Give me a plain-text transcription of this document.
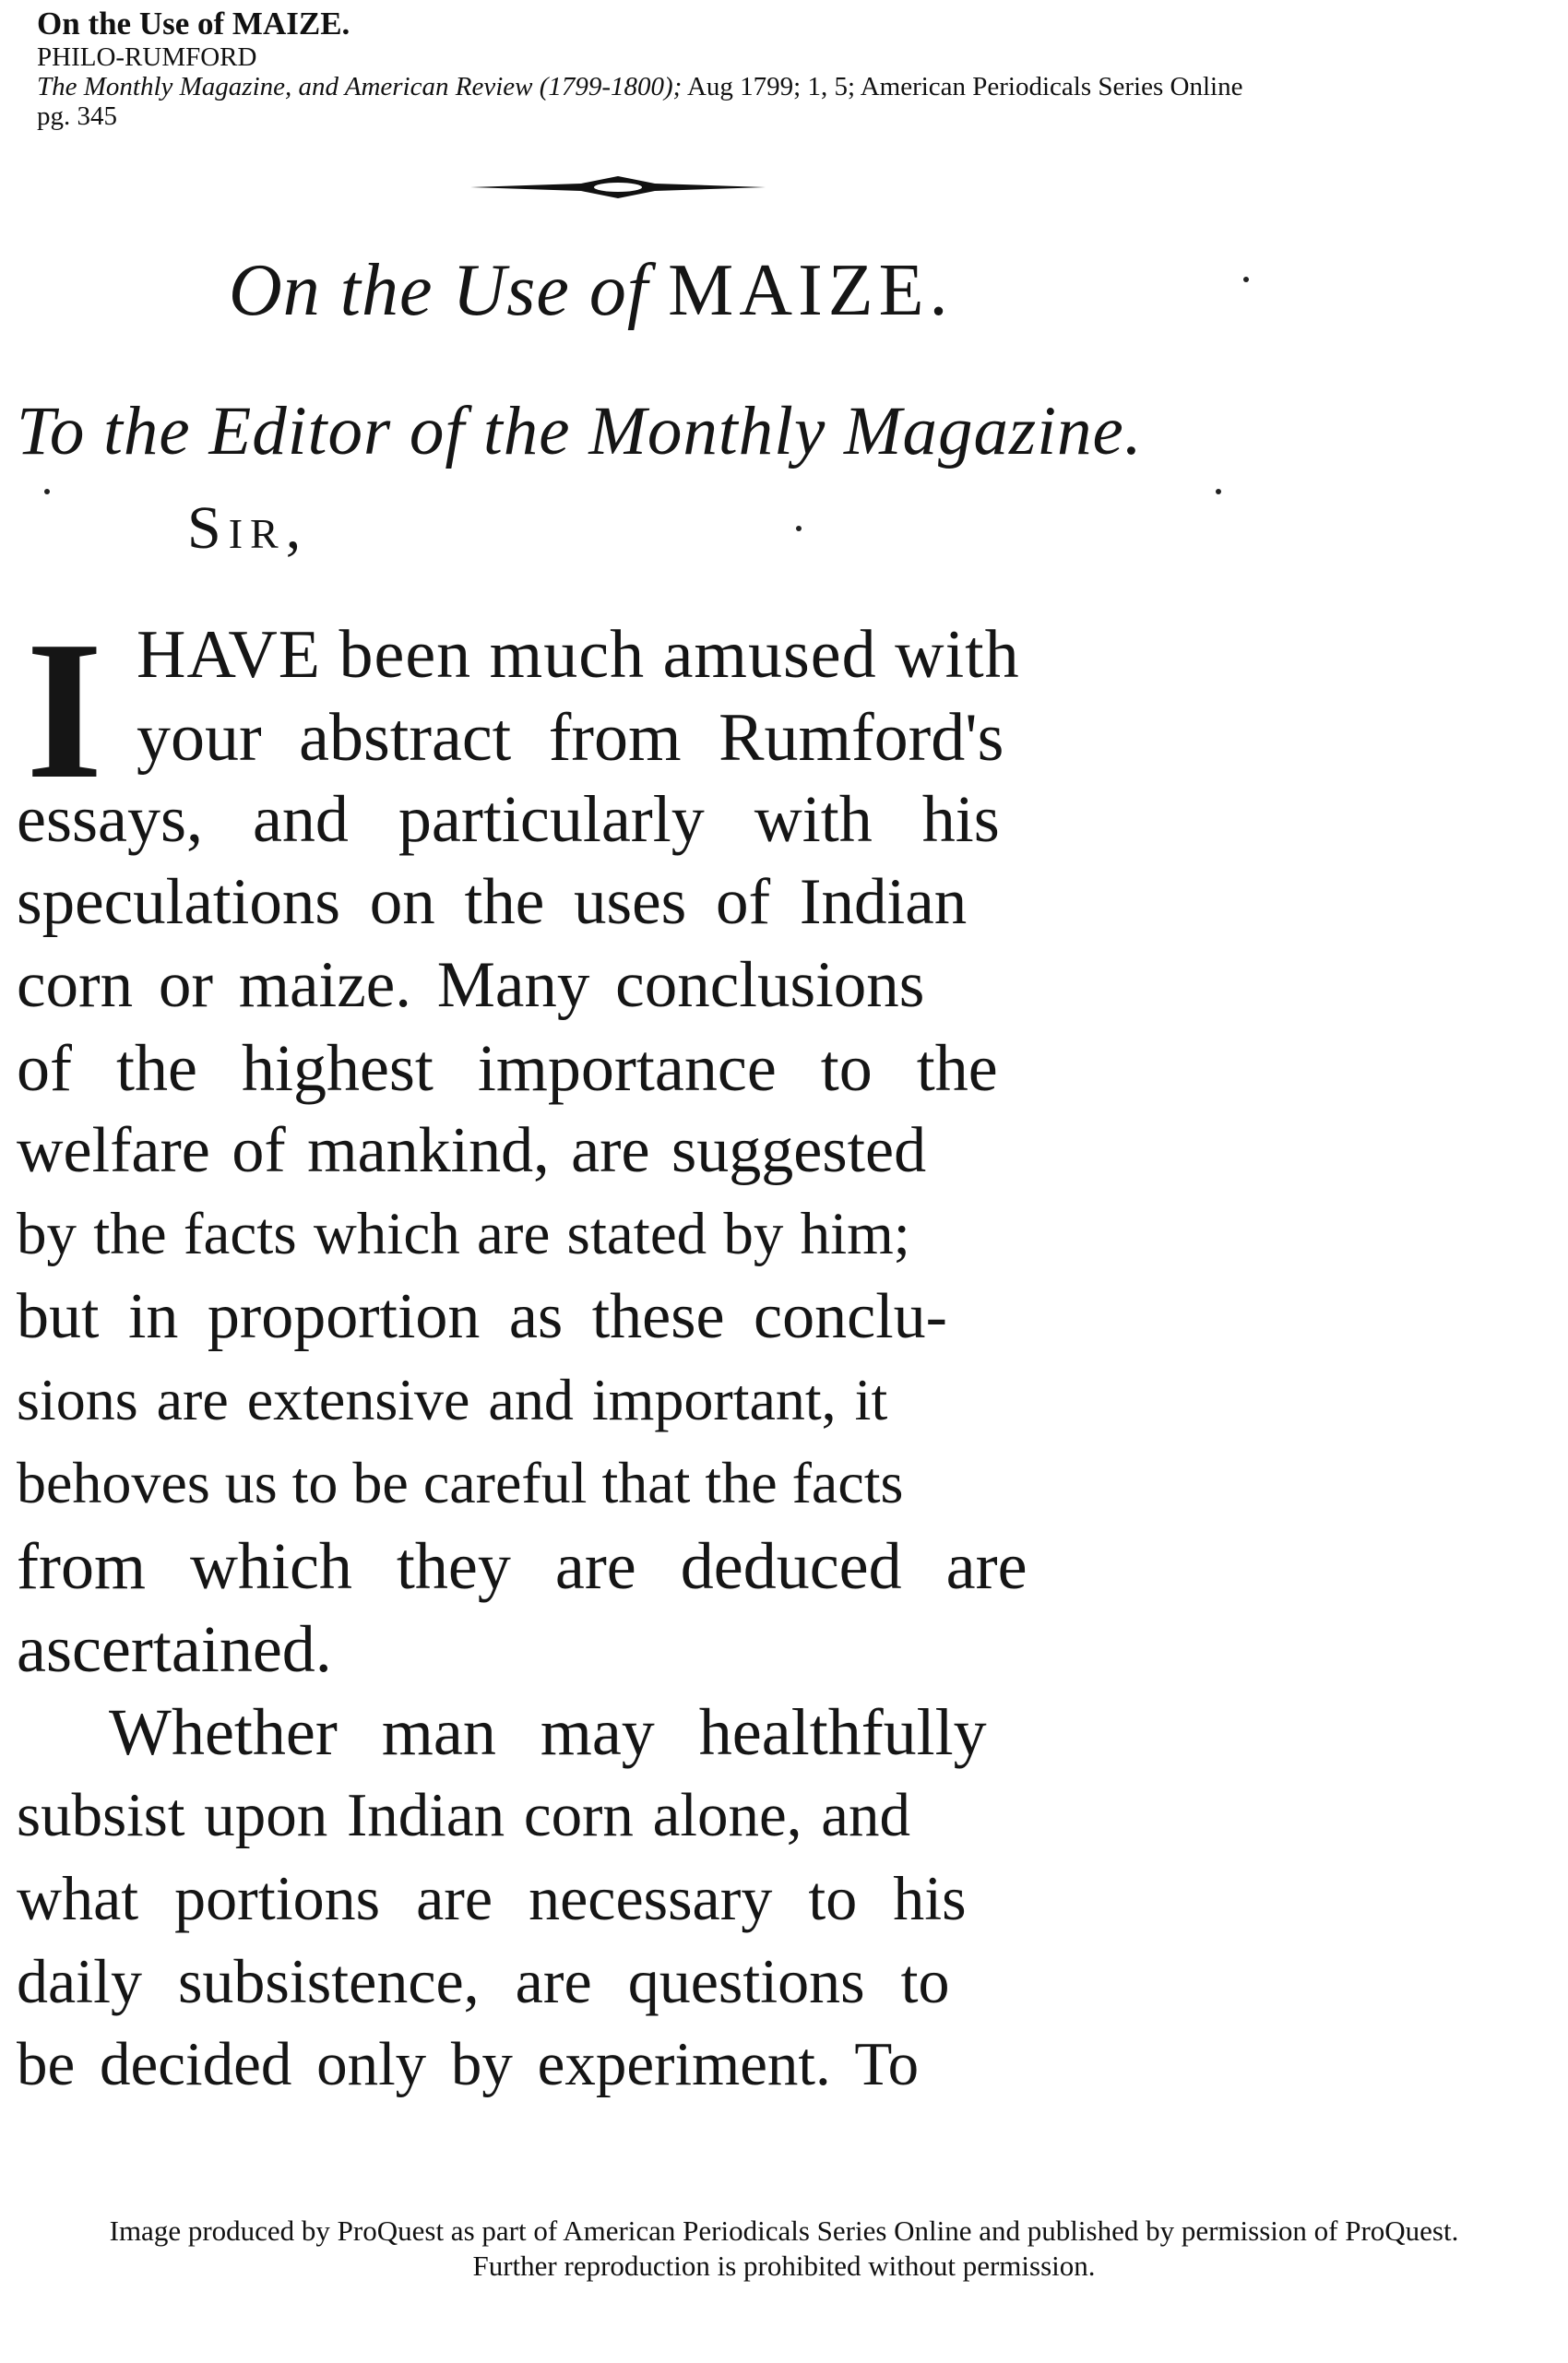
On the Use of MAIZE.

PHILO-RUMFORD

The Monthly Magazine, and American Review (1799-1800); Aug 1799; 1, 5; American Periodicals Series Online

pg. 345

On the Use of MAIZE.

To the Editor of the Monthly Magazine.

Sir,

I HAVE been much amused with

your abstract from Rumford's

essays, and particularly with his

speculations on the uses of Indian

corn or maize. Many conclusions

of the highest importance to the

welfare of mankind, are suggested

by the facts which are stated by him;

but in proportion as these conclu-

sions are extensive and important, it

behoves us to be careful that the facts

from which they are deduced are

ascertained.

Whether man may healthfully

subsist upon Indian corn alone, and

what portions are necessary to his

daily subsistence, are questions to

be decided only by experiment. To

Image produced by ProQuest as part of American Periodicals Series Online and published by permission of ProQuest.

Further reproduction is prohibited without permission.
